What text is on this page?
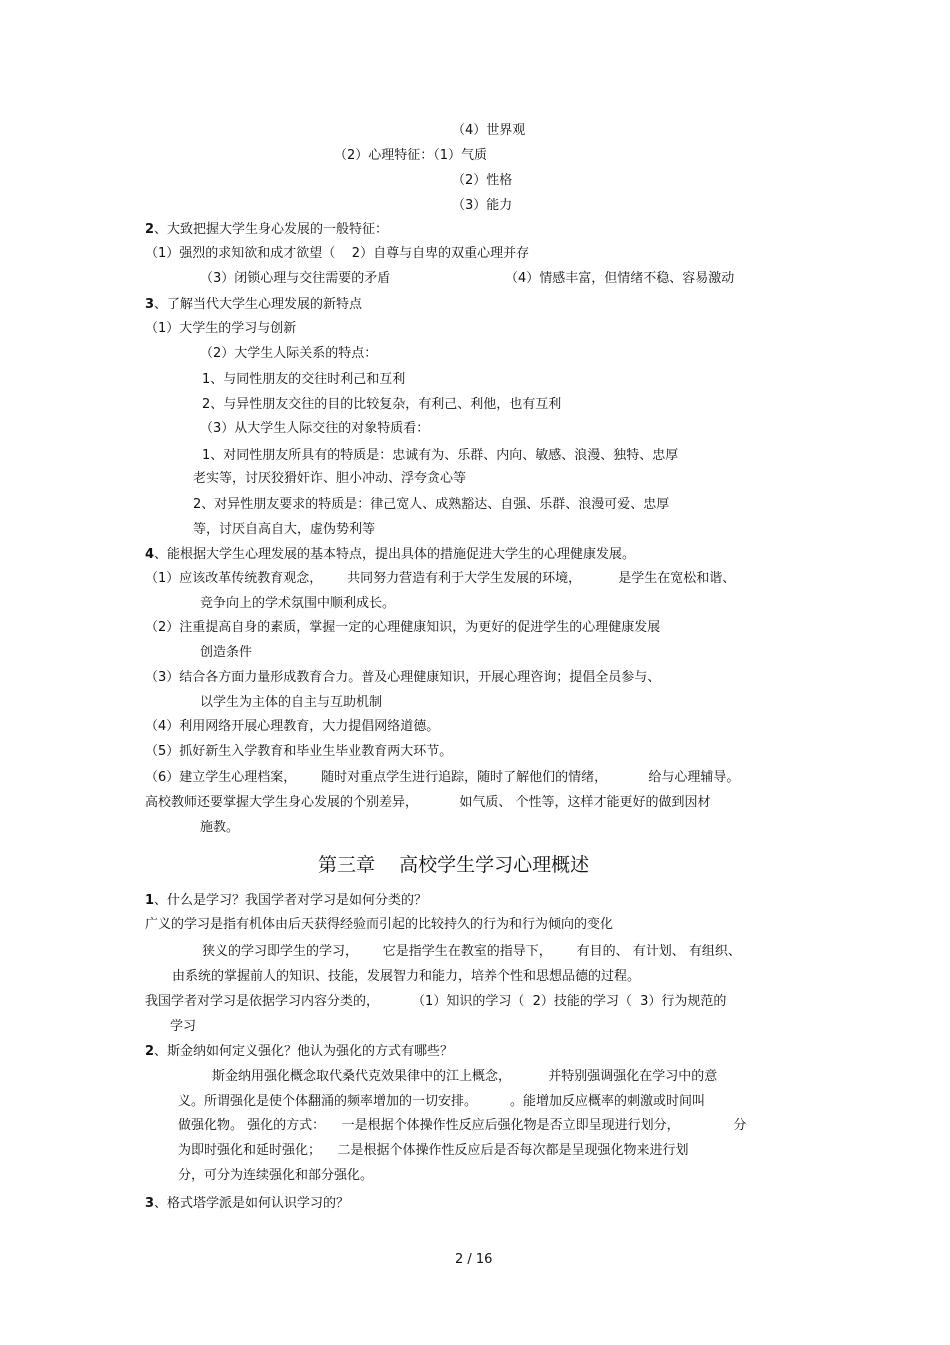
（4）世界观
（2）心理特征：（1）气质
（2）性格
（3）能力
2、大致把握大学生身心发展的一般特征：
（1）强烈的求知欲和成才欲望（    2）自尊与自卑的双重心理并存
（3）闭锁心理与交往需要的矛盾	（4）情感丰富，但情绪不稳、容易激动
3、了解当代大学生心理发展的新特点
（1）大学生的学习与创新
（2）大学生人际关系的特点：
1、与同性朋友的交往时利己和互利
2、与异性朋友交往的目的比较复杂，有利己、利他，也有互利
（3）从大学生人际交往的对象特质看：
1、对同性朋友所具有的特质是：忠诚有为、乐群、内向、敏感、浪漫、独特、忠厚
老实等，讨厌狡猾奸诈、胆小冲动、浮夸贪心等
2、对异性朋友要求的特质是：律己宽人、成熟豁达、自强、乐群、浪漫可爱、忠厚
等，讨厌自高自大，虚伪势利等
4、能根据大学生心理发展的基本特点，提出具体的措施促进大学生的心理健康发展。
（1）应该改革传统教育观念，      共同努力营造有利于大学生发展的环境，         是学生在宽松和谐、
竞争向上的学术氛围中顺利成长。
（2）注重提高自身的素质，掌握一定的心理健康知识，为更好的促进学生的心理健康发展
创造条件
（3）结合各方面力量形成教育合力。普及心理健康知识，开展心理咨询；提倡全员参与、
以学生为主体的自主与互助机制
（4）利用网络开展心理教育，大力提倡网络道德。
（5）抓好新生入学教育和毕业生毕业教育两大环节。
（6）建立学生心理档案，      随时对重点学生进行追踪，随时了解他们的情绪，          给与心理辅导。
高校教师还要掌握大学生身心发展的个别差异，          如气质、 个性等，这样才能更好的做到因材
施教。
第三章    高校学生学习心理概述
1、什么是学习？我国学者对学习是如何分类的？
广义的学习是指有机体由后天获得经验而引起的比较持久的行为和行为倾向的变化
狭义的学习即学生的学习，      它是指学生在教室的指导下，      有目的、 有计划、 有组织、
由系统的掌握前人的知识、技能，发展智力和能力，培养个性和思想品德的过程。
我国学者对学习是依据学习内容分类的，        （1）知识的学习（  2）技能的学习（  3）行为规范的
学习
2、斯金纳如何定义强化？他认为强化的方式有哪些？
斯金纳用强化概念取代桑代克效果律中的江上概念，         并特别强调强化在学习中的意
义。所谓强化是使个体翻涌的频率增加的一切安排。        。能增加反应概率的刺激或时间叫
做强化物。 强化的方式：    一是根据个体操作性反应后强化物是否立即呈现进行划分，             分
为即时强化和延时强化；    二是根据个体操作性反应后是否每次都是呈现强化物来进行划
分，可分为连续强化和部分强化。
3、格式塔学派是如何认识学习的？
2 / 16
